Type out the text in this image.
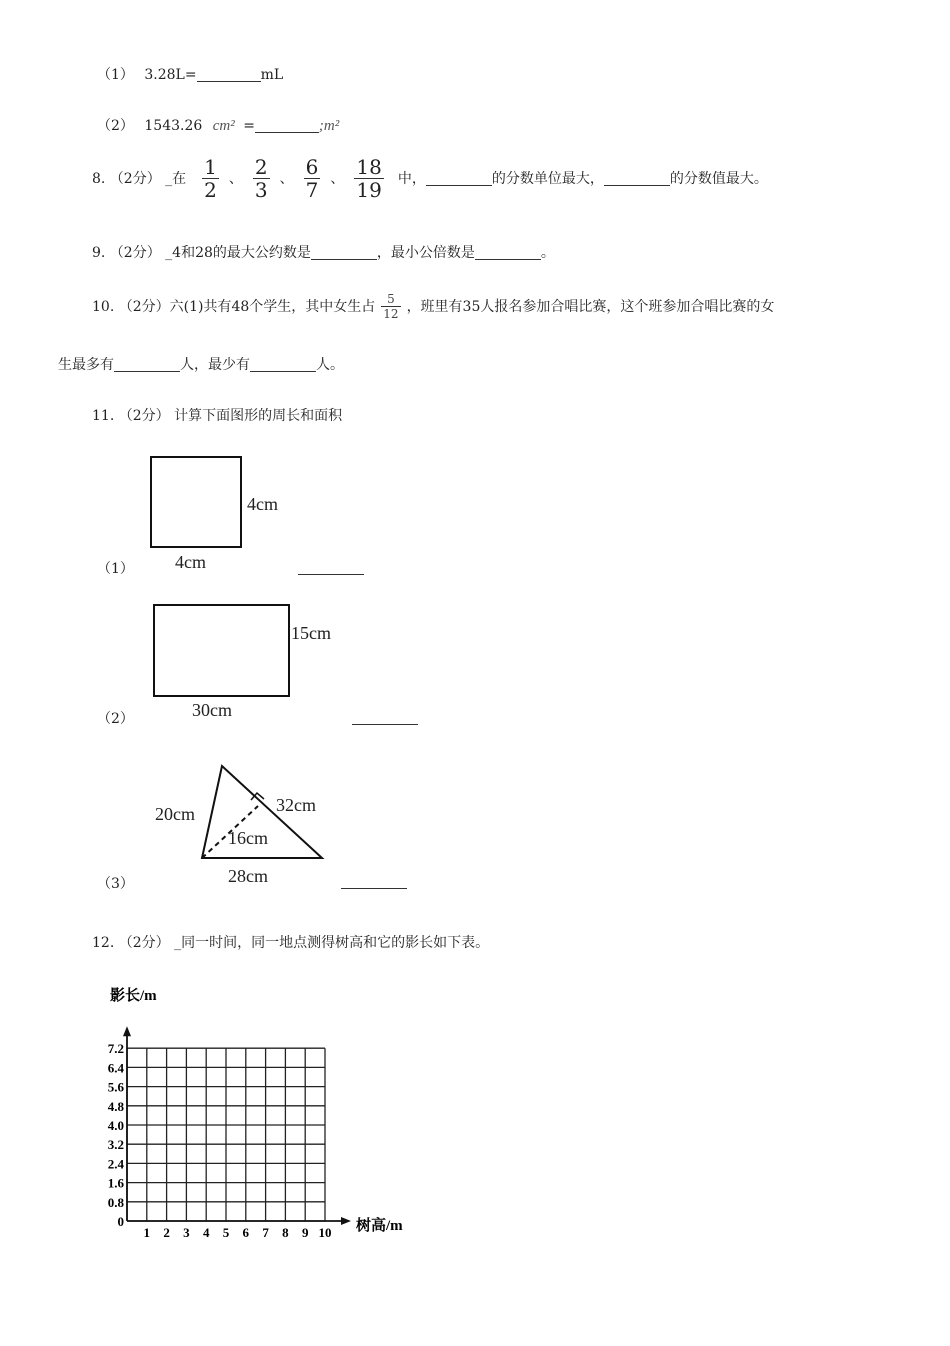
（1） 3.28L=	mL
（2） 1543.26 cm² =	;m²
8. （2分） _在 $\frac{1}{2}$ 、 $\frac{2}{3}$ 、 $\frac{6}{7}$ 、 $\frac{18}{19}$ 中，	的分数单位最大，	的分数值最大。
9. （2分） _4和28的最大公约数是	，最小公倍数是	。
10. （2分）六(1)共有48个学生，其中女生占 $\frac{5}{12}$ ，班里有35人报名参加合唱比赛，这个班参加合唱比赛的女
生最多有	人，最少有	人。
11. （2分） 计算下面图形的周长和面积
4cm
4cm
（1）
15cm
30cm
（2）
20cm	32cm
16cm
28cm
（3）
12. （2分） _同一时间，同一地点测得树高和它的影长如下表。
0
0.8
1.6
2.4
3.2
4.0
4.8
5.6
6.4
7.2
1 2 3 4 5 6 7 8 9 10
影长/m
树高/m
